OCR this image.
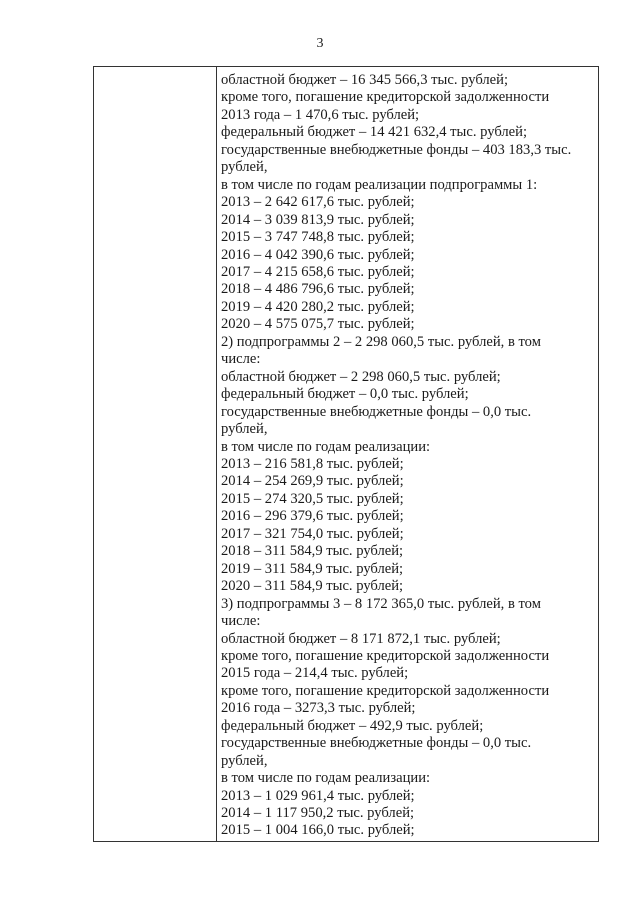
3
областной бюджет – 16 345 566,3 тыс. рублей;
кроме того, погашение кредиторской задолженности
2013 года – 1 470,6 тыс. рублей;
федеральный бюджет – 14 421 632,4 тыс. рублей;
государственные внебюджетные фонды – 403 183,3 тыс.
рублей,
в том числе по годам реализации подпрограммы 1:
2013 – 2 642 617,6 тыс. рублей;
2014 – 3 039 813,9 тыс. рублей;
2015 – 3 747 748,8 тыс. рублей;
2016 – 4 042 390,6 тыс. рублей;
2017 – 4 215 658,6 тыс. рублей;
2018 – 4 486 796,6 тыс. рублей;
2019 – 4 420 280,2 тыс. рублей;
2020 – 4 575 075,7 тыс. рублей;
2) подпрограммы 2 – 2 298 060,5 тыс. рублей, в том
числе:
областной бюджет – 2 298 060,5 тыс. рублей;
федеральный бюджет – 0,0 тыс. рублей;
государственные внебюджетные фонды – 0,0 тыс.
рублей,
в том числе по годам реализации:
2013 – 216 581,8 тыс. рублей;
2014 – 254 269,9 тыс. рублей;
2015 – 274 320,5 тыс. рублей;
2016 – 296 379,6 тыс. рублей;
2017 – 321 754,0 тыс. рублей;
2018 – 311 584,9 тыс. рублей;
2019 – 311 584,9 тыс. рублей;
2020 – 311 584,9 тыс. рублей;
3) подпрограммы 3 – 8 172 365,0 тыс. рублей, в том
числе:
областной бюджет – 8 171 872,1 тыс. рублей;
кроме того, погашение кредиторской задолженности
2015 года – 214,4 тыс. рублей;
кроме того, погашение кредиторской задолженности
2016 года – 3273,3 тыс. рублей;
федеральный бюджет – 492,9 тыс. рублей;
государственные внебюджетные фонды – 0,0 тыс.
рублей,
в том числе по годам реализации:
2013 – 1 029 961,4 тыс. рублей;
2014 – 1 117 950,2 тыс. рублей;
2015 – 1 004 166,0 тыс. рублей;
